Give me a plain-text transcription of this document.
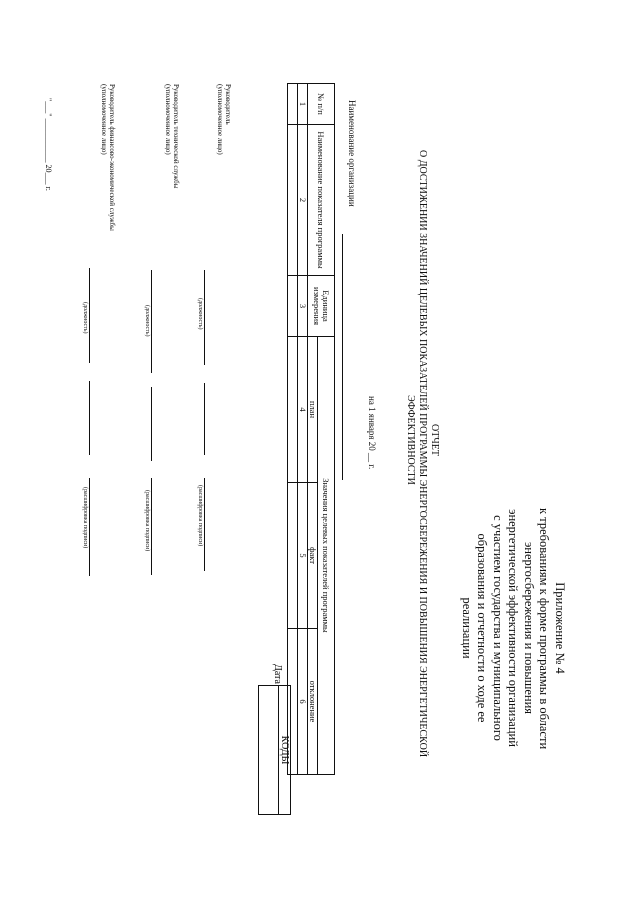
Приложение № 4
к требованиям к форме программы в области
энергосбережения и повышения
энергетической эффективности организаций
с участием государства и муниципального
образования и отчетности о ходе ее
реализации
КОДЫ
Дата
ОТЧЕТ
О ДОСТИЖЕНИИ ЗНАЧЕНИЙ ЦЕЛЕВЫХ ПОКАЗАТЕЛЕЙ ПРОГРАММЫ ЭНЕРГОСБЕРЕЖЕНИЯ И ПОВЫШЕНИЯ ЭНЕРГЕТИЧЕСКОЙ
ЭФФЕКТИВНОСТИ
на 1 января 20 __ г.
Наименование организации
№ п/п	Наименование показателя программы	Единица измерения	Значения целевых показателей программы		
			план	факт	отклонение
1	2	3	4	5	6

Руководитель
(уполномоченное лицо)
(должность)
(расшифровка подписи)
Руководитель технической службы
(уполномоченное лицо)
(должность)
(расшифровка подписи)
Руководитель финансово-экономической службы
(уполномоченное лицо)
(должность)
(расшифровка подписи)
"___" ___________ 20___ г.
